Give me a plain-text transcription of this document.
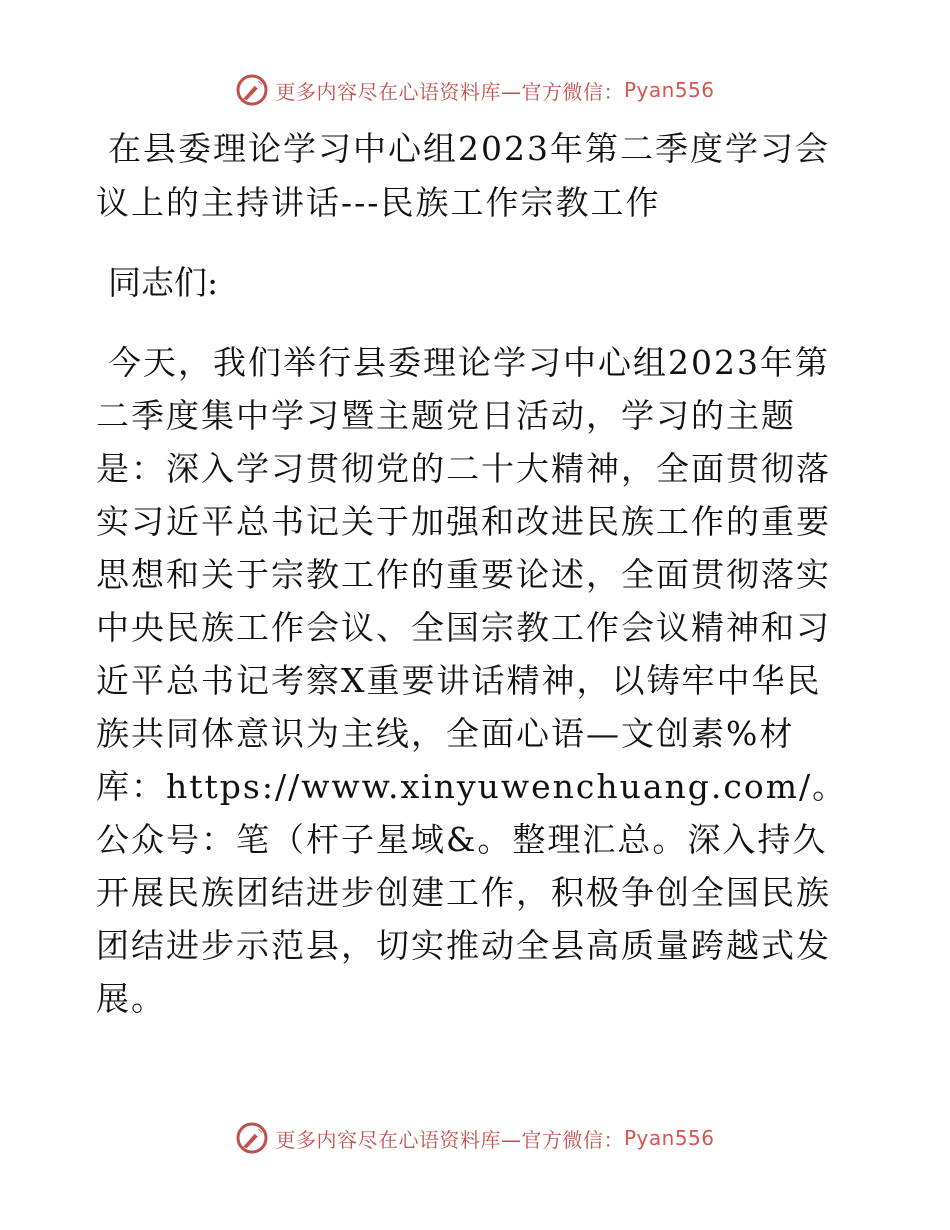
更多内容尽在心语资料库—官方微信： Pyan556
在县委理论学习中心组2023年第二季度学习会议上的主持讲话---民族工作宗教工作

同志们:

今天，我们举行县委理论学习中心组2023年第二季度集中学习暨主题党日活动，学习的主题是：深入学习贯彻党的二十大精神，全面贯彻落实习近平总书记关于加强和改进民族工作的重要思想和关于宗教工作的重要论述，全面贯彻落实中央民族工作会议、全国宗教工作会议精神和习近平总书记考察X重要讲话精神，以铸牢中华民族共同体意识为主线，全面心语—文创素%材库：https://www.xinyuwenchuang.com/。公众号：笔（杆子星域&。整理汇总。深入持久开展民族团结进步创建工作，积极争创全国民族团结进步示范县，切实推动全县高质量跨越式发展。

更多内容尽在心语资料库—官方微信： Pyan556
